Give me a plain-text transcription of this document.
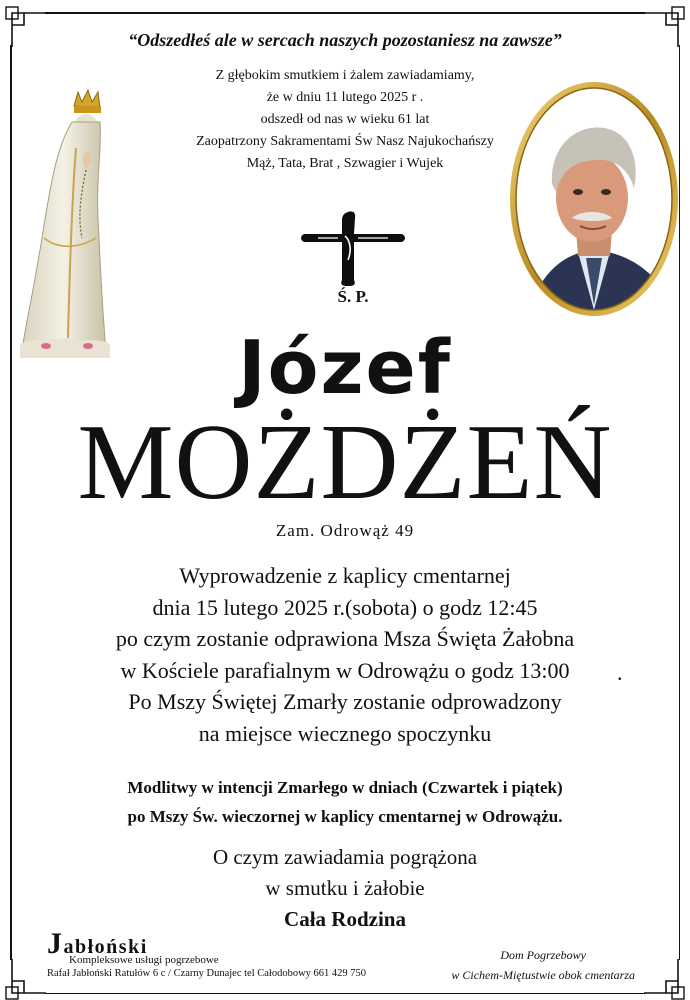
“Odszedłeś ale w sercach naszych pozostaniesz na zawsze”
Z głębokim smutkiem i żalem zawiadamiamy,
że w dniu 11 lutego 2025 r .
odszedł od nas w wieku 61 lat
Zaopatrzony Sakramentami Św Nasz Najukochańszy
Mąż, Tata, Brat , Szwagier i Wujek
Ś. P.
Józef
MOŻDŻEŃ
Zam. Odrowąż 49
Wyprowadzenie z kaplicy cmentarnej
dnia 15 lutego 2025 r.(sobota) o godz 12:45
po czym zostanie odprawiona Msza Święta Żałobna
w Kościele parafialnym w Odrowążu o godz 13:00
Po Mszy Świętej Zmarły zostanie odprowadzony
na miejsce wiecznego spoczynku
.
Modlitwy w intencji Zmarłego w dniach (Czwartek i piątek)
po Mszy Św. wieczornej w kaplicy cmentarnej w Odrowążu.
O czym zawiadamia pogrążona
w smutku i żałobie
Cała Rodzina
Jabłoński
Kompleksowe usługi pogrzebowe
Rafał Jabłoński Ratułów 6 c / Czarny Dunajec tel Całodobowy 661 429 750
Dom Pogrzebowy
w Cichem-Miętustwie obok cmentarza
